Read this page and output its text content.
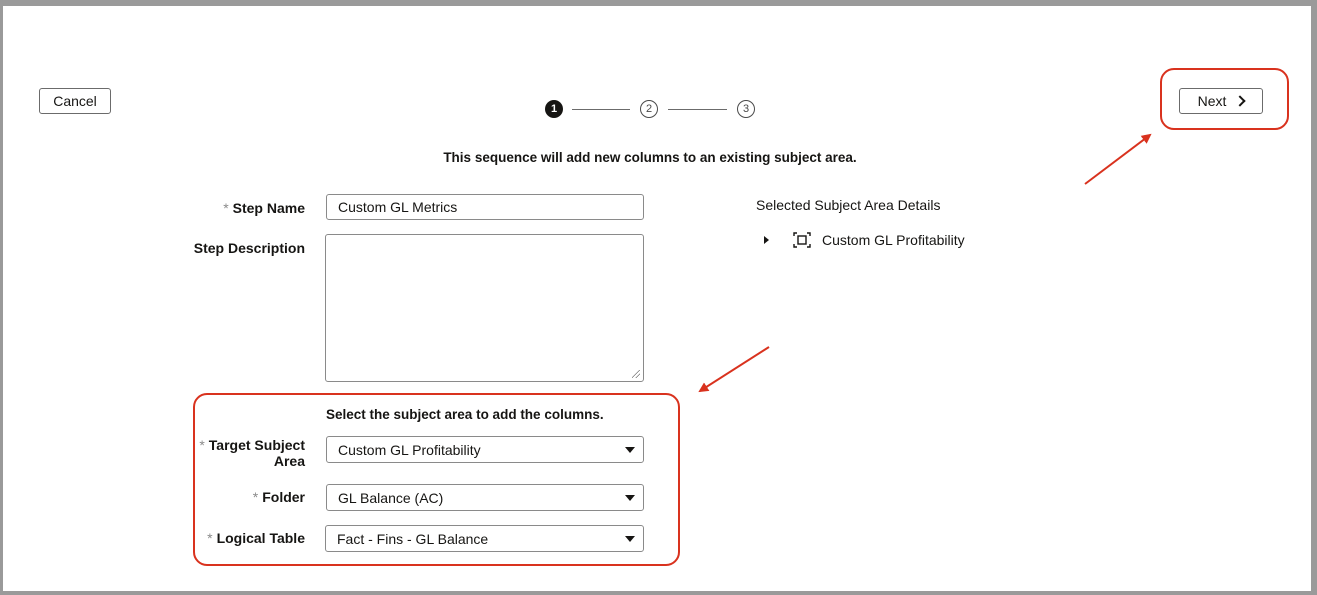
Cancel	Next
1	2	3
This sequence will add new columns to an existing subject area.
* Step Name Custom GL Metrics
Step Description
Select the subject area to add the columns.
* Target Subject
Area
Custom GL Profitability
* Folder GL Balance (AC)
* Logical Table Fact - Fins - GL Balance
Selected Subject Area Details
Custom GL Profitability
